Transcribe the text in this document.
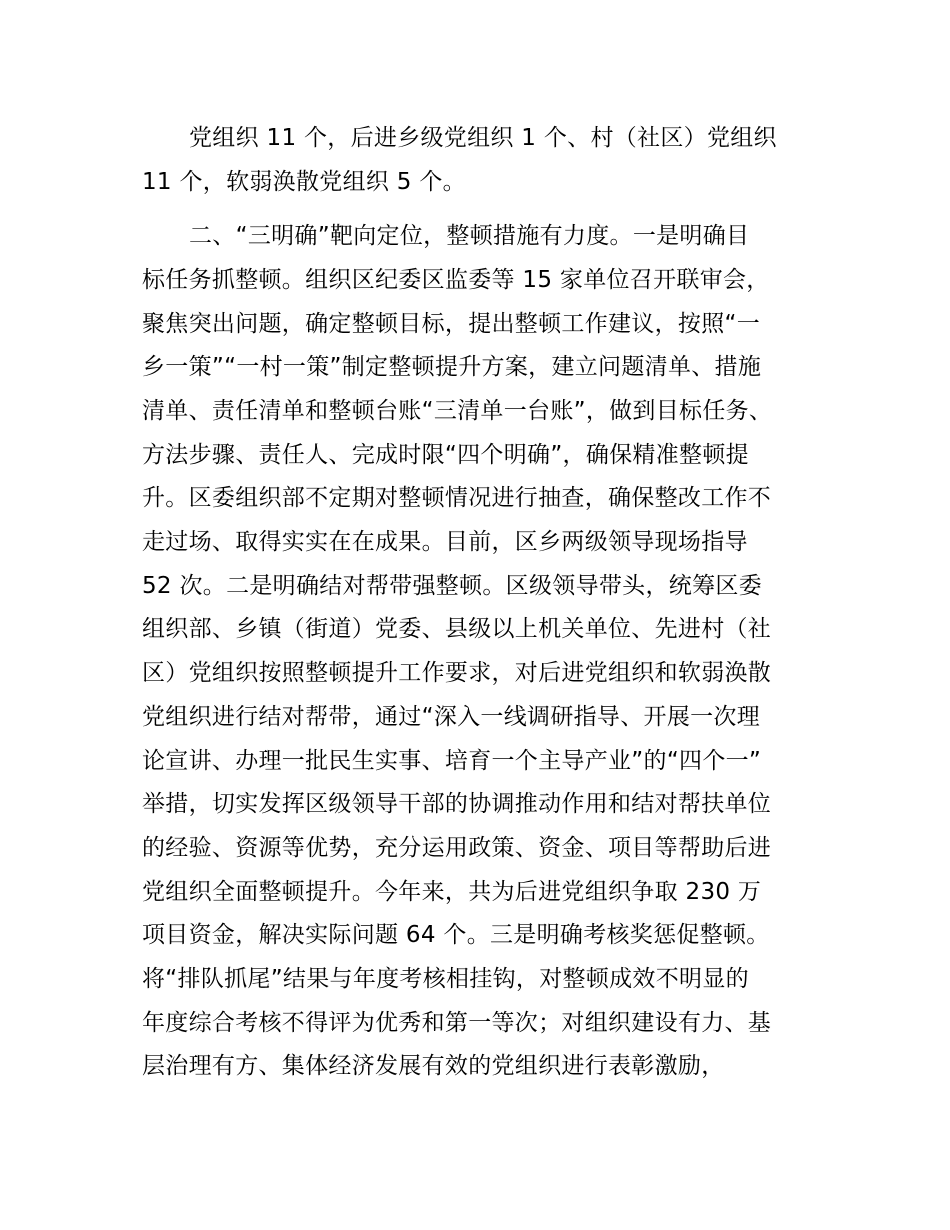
党组织 11 个，后进乡级党组织 1 个、村（社区）党组织
11 个，软弱涣散党组织 5 个。
二、“三明确”靶向定位，整顿措施有力度。一是明确目
标任务抓整顿。组织区纪委区监委等 15 家单位召开联审会，
聚焦突出问题，确定整顿目标，提出整顿工作建议，按照“一
乡一策”“一村一策”制定整顿提升方案，建立问题清单、措施
清单、责任清单和整顿台账“三清单一台账”，做到目标任务、
方法步骤、责任人、完成时限“四个明确”，确保精准整顿提
升。区委组织部不定期对整顿情况进行抽查，确保整改工作不
走过场、取得实实在在成果。目前，区乡两级领导现场指导
52 次。二是明确结对帮带强整顿。区级领导带头，统筹区委
组织部、乡镇（街道）党委、县级以上机关单位、先进村（社
区）党组织按照整顿提升工作要求，对后进党组织和软弱涣散
党组织进行结对帮带，通过“深入一线调研指导、开展一次理
论宣讲、办理一批民生实事、培育一个主导产业”的“四个一”
举措，切实发挥区级领导干部的协调推动作用和结对帮扶单位
的经验、资源等优势，充分运用政策、资金、项目等帮助后进
党组织全面整顿提升。今年来，共为后进党组织争取 230 万
项目资金，解决实际问题 64 个。三是明确考核奖惩促整顿。
将“排队抓尾”结果与年度考核相挂钩，对整顿成效不明显的
年度综合考核不得评为优秀和第一等次；对组织建设有力、基
层治理有方、集体经济发展有效的党组织进行表彰激励，
